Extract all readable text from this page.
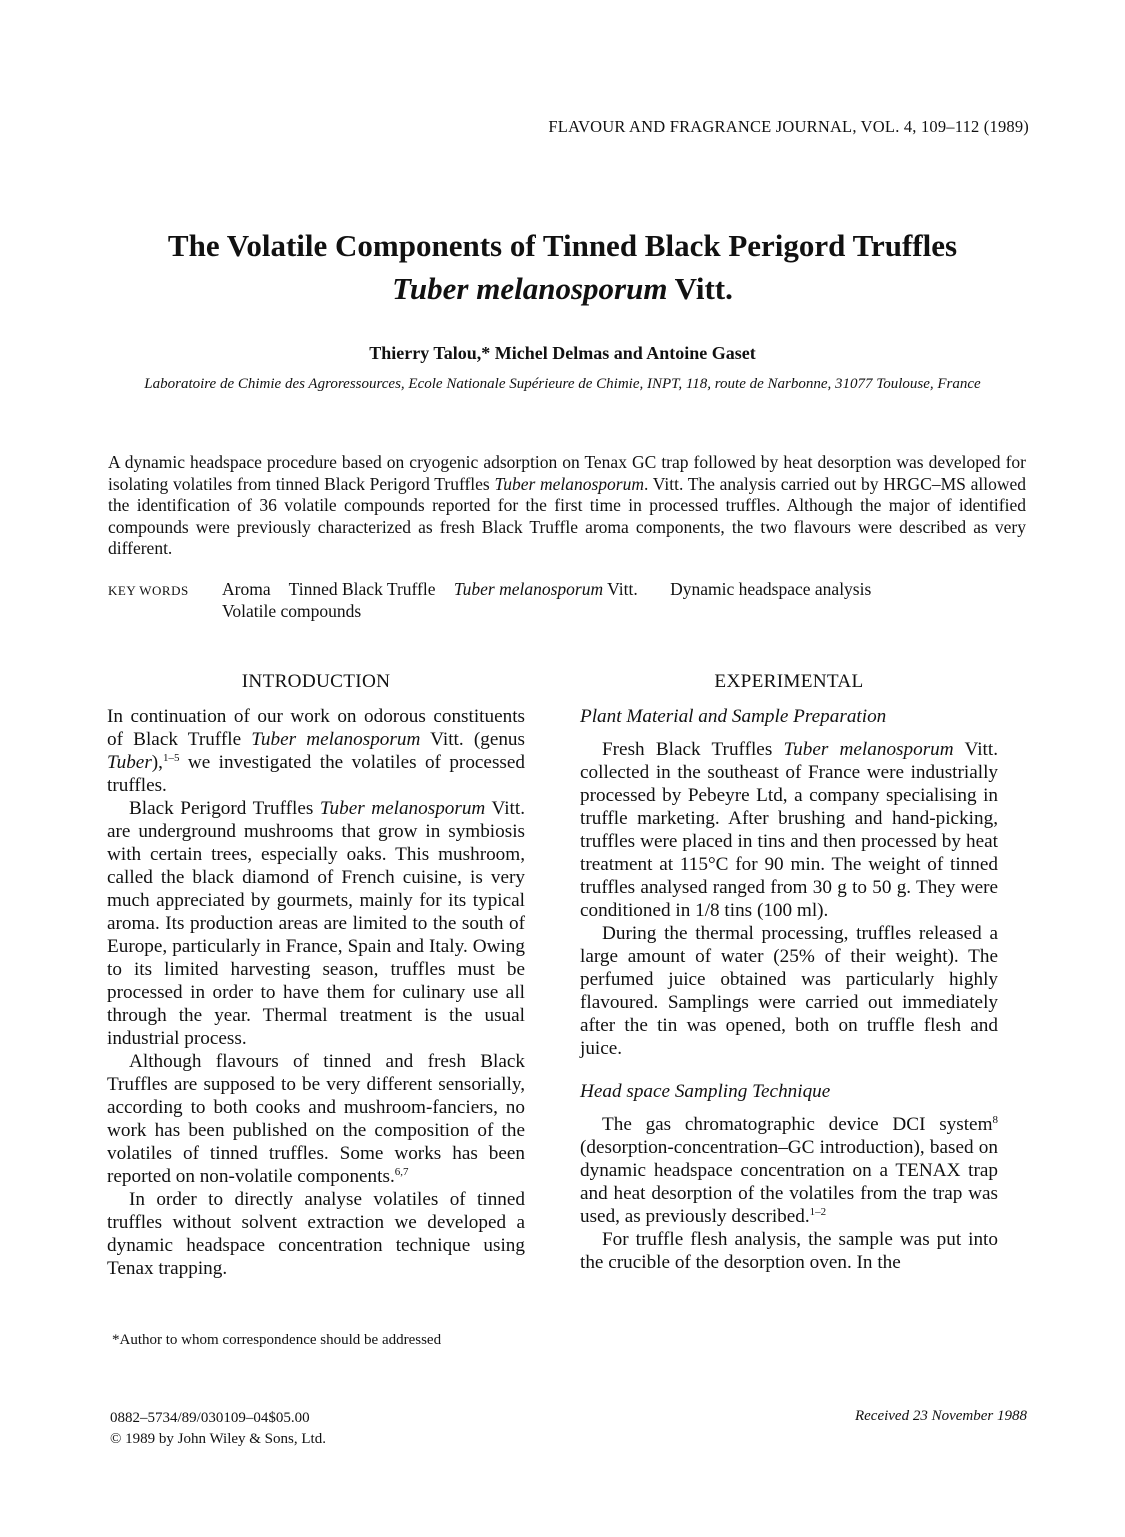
FLAVOUR AND FRAGRANCE JOURNAL, VOL. 4, 109–112 (1989)
The Volatile Components of Tinned Black Perigord Truffles
Tuber melanosporum Vitt.
Thierry Talou,* Michel Delmas and Antoine Gaset
Laboratoire de Chimie des Agroressources, Ecole Nationale Supérieure de Chimie, INPT, 118, route de Narbonne, 31077 Toulouse, France

A dynamic headspace procedure based on cryogenic adsorption on Tenax GC trap followed by heat desorption was developed for isolating volatiles from tinned Black Perigord Truffles Tuber melanosporum. Vitt. The analysis carried out by HRGC–MS allowed the identification of 36 volatile compounds reported for the first time in processed truffles. Although the major of identified compounds were previously characterized as fresh Black Truffle aroma components, the two flavours were described as very different.

KEY WORDS Aroma Tinned Black Truffle Tuber melanosporum Vitt. Dynamic headspace analysis
Volatile compounds
INTRODUCTION

In continuation of our work on odorous constituents of Black Truffle Tuber melanosporum Vitt. (genus Tuber),$^{1-5}$ we investigated the volatiles of processed truffles.

Black Perigord Truffles Tuber melanosporum Vitt. are underground mushrooms that grow in symbiosis with certain trees, especially oaks. This mushroom, called the black diamond of French cuisine, is very much appreciated by gourmets, mainly for its typical aroma. Its production areas are limited to the south of Europe, particularly in France, Spain and Italy. Owing to its limited harvesting season, truffles must be processed in order to have them for culinary use all through the year. Thermal treatment is the usual industrial process.

Although flavours of tinned and fresh Black Truffles are supposed to be very different sensorially, according to both cooks and mushroom-fanciers, no work has been published on the composition of the volatiles of tinned truffles. Some works has been reported on non-volatile components.$^{6,7}$

In order to directly analyse volatiles of tinned truffles without solvent extraction we developed a dynamic headspace concentration technique using Tenax trapping.

EXPERIMENTAL
Plant Material and Sample Preparation

Fresh Black Truffles Tuber melanosporum Vitt. collected in the southeast of France were industrially processed by Pebeyre Ltd, a company specialising in truffle marketing. After brushing and hand-picking, truffles were placed in tins and then processed by heat treatment at 115°C for 90 min. The weight of tinned truffles analysed ranged from 30 g to 50 g. They were conditioned in 1/8 tins (100 ml).

During the thermal processing, truffles released a large amount of water (25% of their weight). The perfumed juice obtained was particularly highly flavoured. Samplings were carried out immediately after the tin was opened, both on truffle flesh and juice.

Head space Sampling Technique

The gas chromatographic device DCI system$^8$ (desorption-concentration–GC introduction), based on dynamic headspace concentration on a TENAX trap and heat desorption of the volatiles from the trap was used, as previously described.$^{1-2}$

For truffle flesh analysis, the sample was put into the crucible of the desorption oven. In the

*Author to whom correspondence should be addressed
0882–5734/89/030109–04$05.00
© 1989 by John Wiley & Sons, Ltd.
Received 23 November 1988
